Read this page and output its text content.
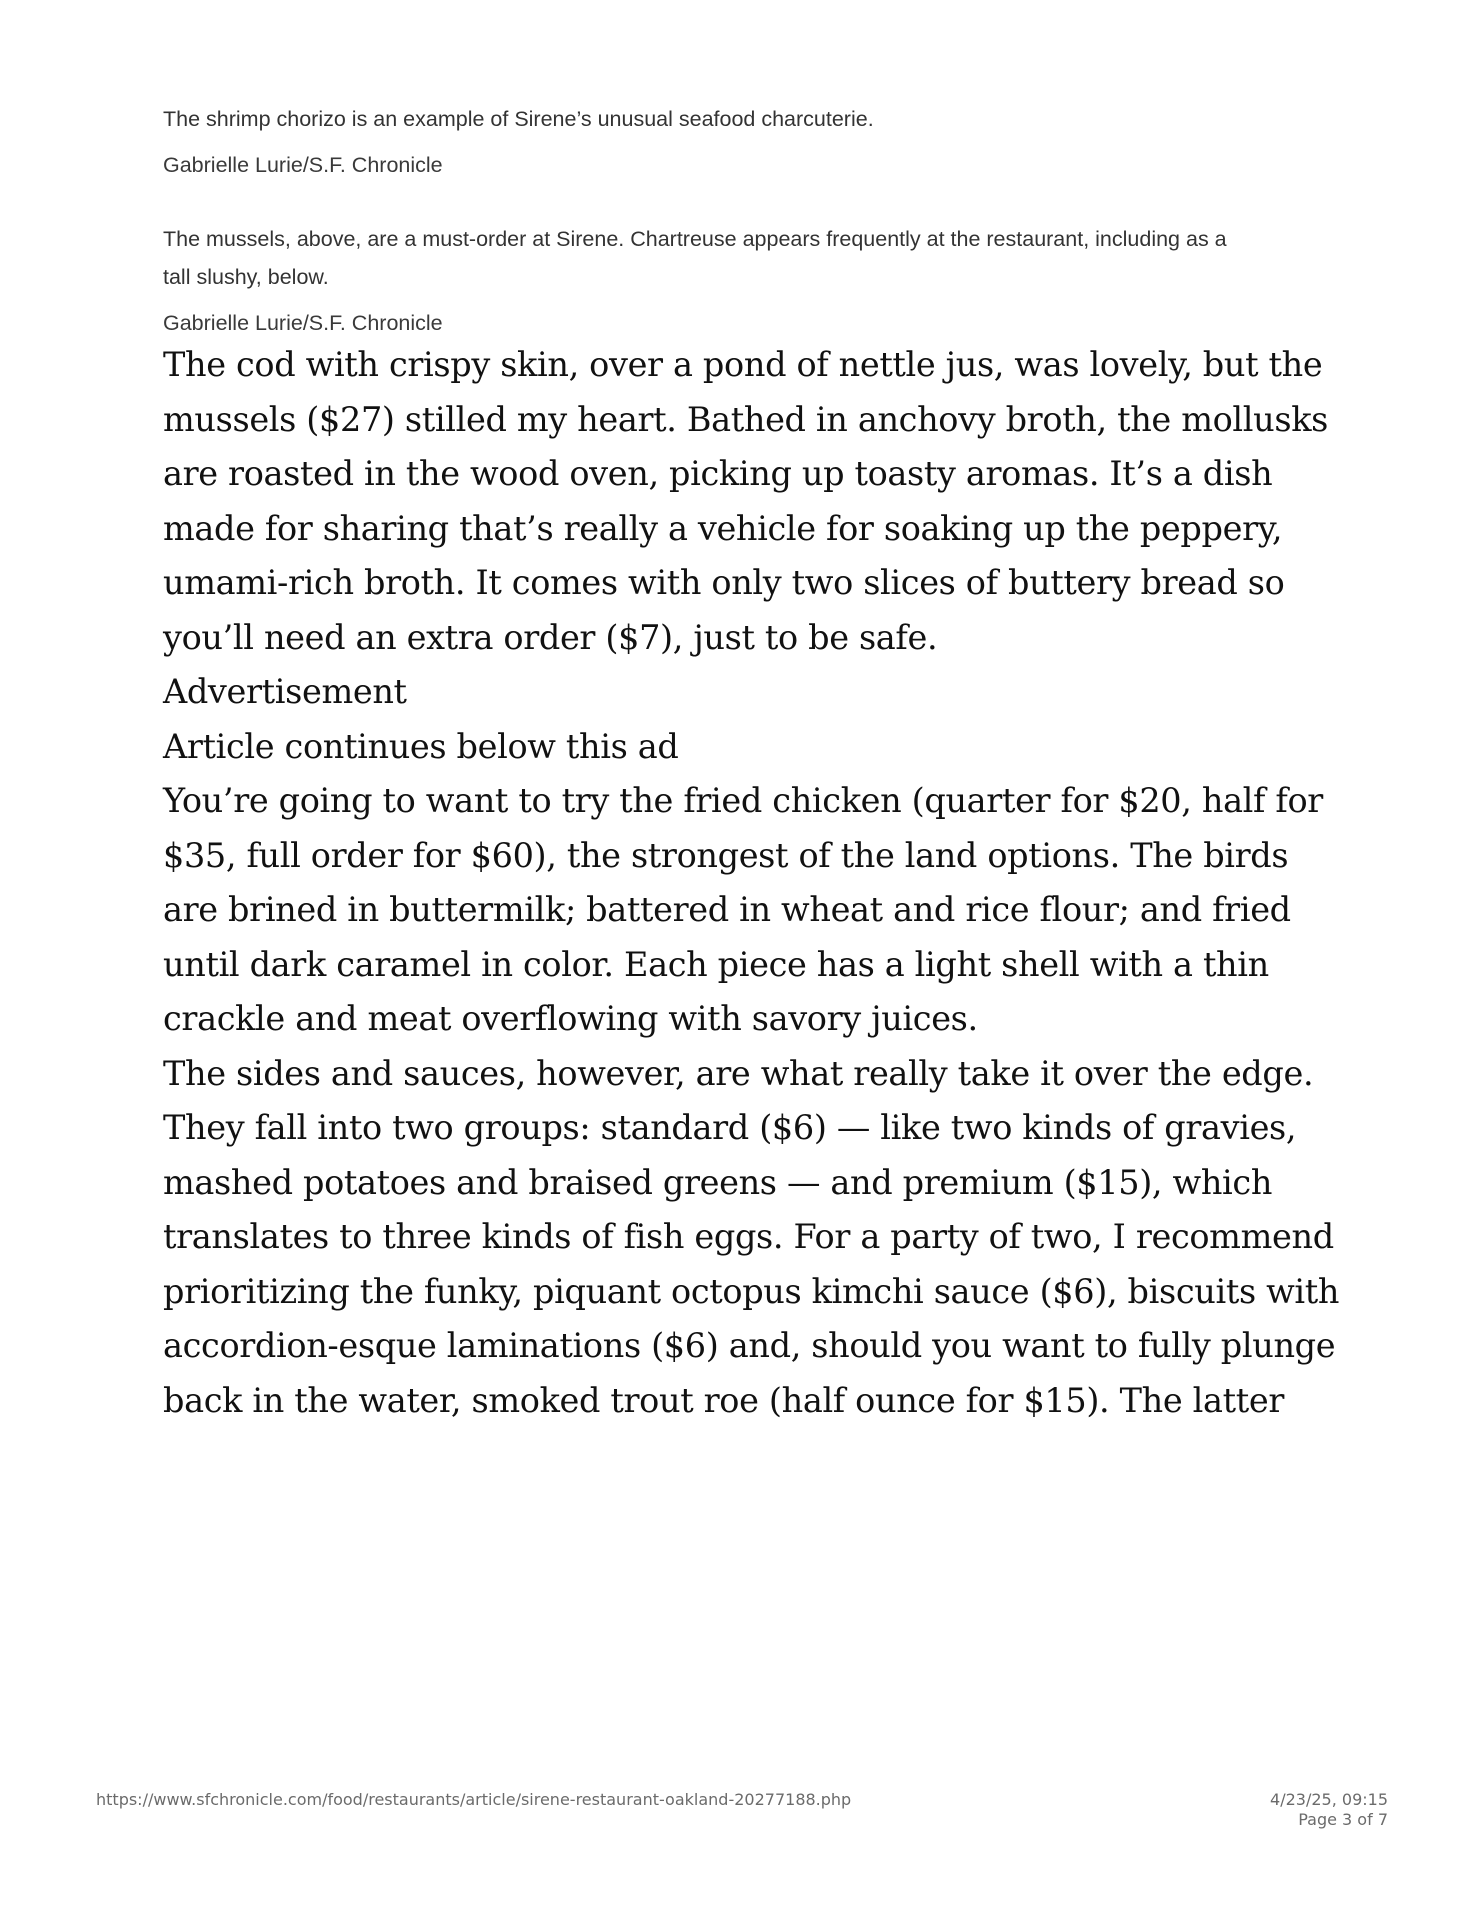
The shrimp chorizo is an example of Sirene’s unusual seafood charcuterie.

Gabrielle Lurie/S.F. Chronicle

The mussels, above, are a must-order at Sirene. Chartreuse appears frequently at the restaurant, including as a tall slushy, below.

Gabrielle Lurie/S.F. Chronicle

The cod with crispy skin, over a pond of nettle jus, was lovely, but the mussels ($27) stilled my heart. Bathed in anchovy broth, the mollusks are roasted in the wood oven, picking up toasty aromas. It’s a dish made for sharing that’s really a vehicle for soaking up the peppery, umami-rich broth. It comes with only two slices of buttery bread so you’ll need an extra order ($7), just to be safe.

Advertisement

Article continues below this ad

You’re going to want to try the fried chicken (quarter for $20, half for $35, full order for $60), the strongest of the land options. The birds are brined in buttermilk; battered in wheat and rice flour; and fried until dark caramel in color. Each piece has a light shell with a thin crackle and meat overflowing with savory juices.

The sides and sauces, however, are what really take it over the edge. They fall into two groups: standard ($6) — like two kinds of gravies, mashed potatoes and braised greens — and premium ($15), which translates to three kinds of fish eggs. For a party of two, I recommend prioritizing the funky, piquant octopus kimchi sauce ($6), biscuits with accordion-esque laminations ($6) and, should you want to fully plunge back in the water, smoked trout roe (half ounce for $15). The latter

https://www.sfchronicle.com/food/restaurants/article/sirene-restaurant-oakland-20277188.php	4/23/25, 09:15
Page 3 of 7
